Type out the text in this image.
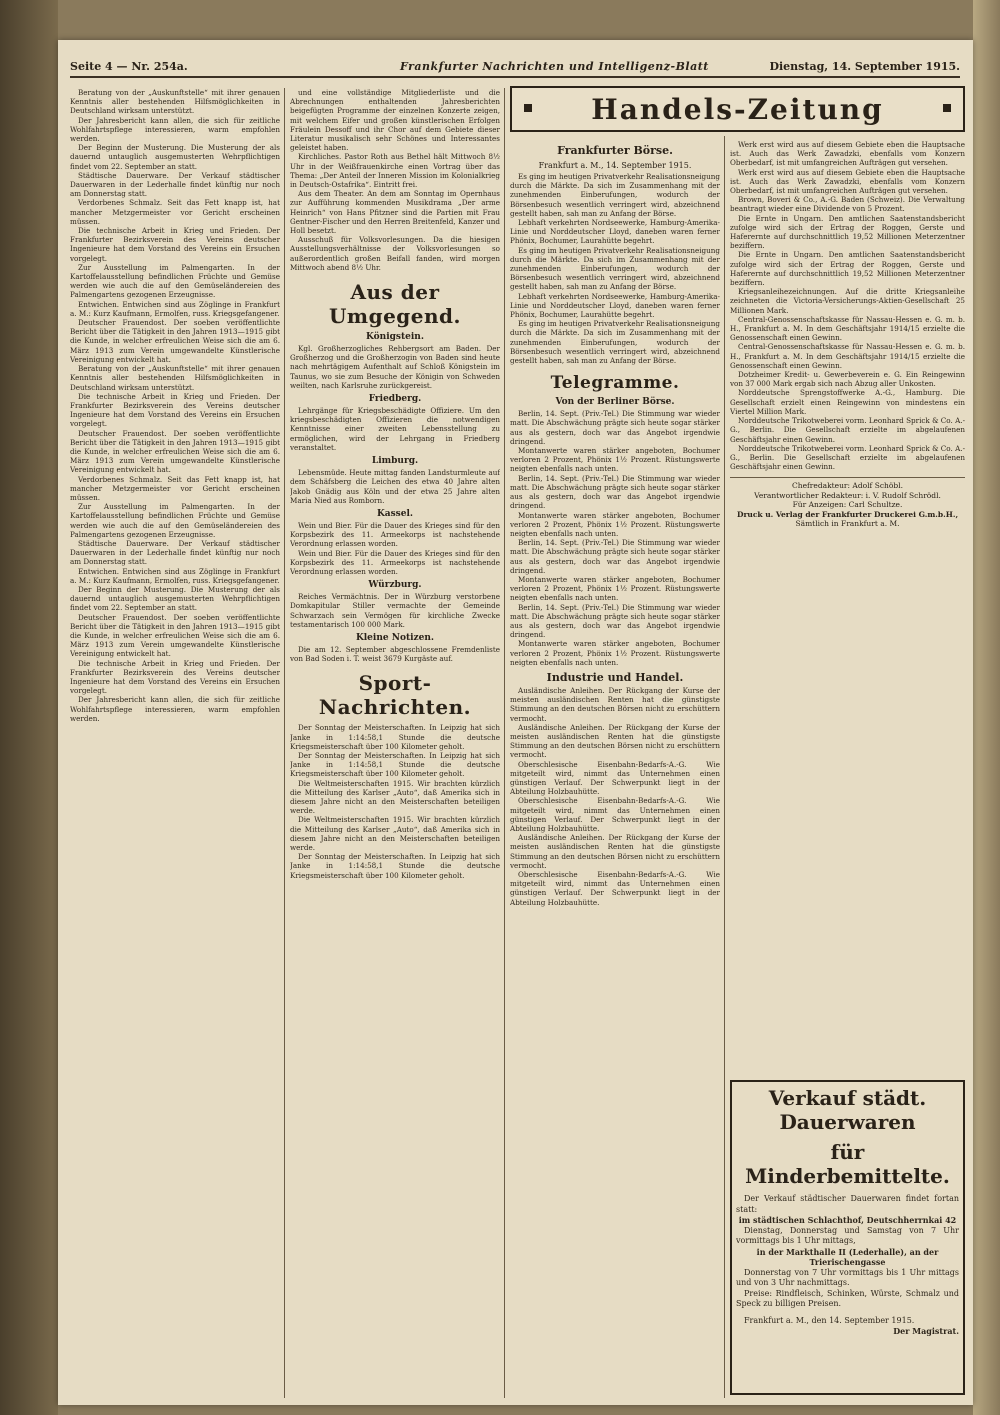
Seite 4 — Nr. 254a.	Frankfurter Nachrichten und Intelligenz-Blatt	Dienstag, 14. September 1915.

Beratung von der „Auskunftstelle“ mit ihrer genauen Kenntnis aller bestehenden Hilfsmöglichkeiten in Deutschland wirksam unterstützt.

Der Jahresbericht kann allen, die sich für zeitliche Wohlfahrtspflege interessieren, warm empfohlen werden.

Der Beginn der Musterung. Die Musterung der als dauernd untauglich ausgemusterten Wehrpflichtigen findet vom 22. September an statt.

Städtische Dauerware. Der Verkauf städtischer Dauerwaren in der Lederhalle findet künftig nur noch am Donnerstag statt.

Verdorbenes Schmalz. Seit das Fett knapp ist, hat mancher Metzgermeister vor Gericht erscheinen müssen.

Die technische Arbeit in Krieg und Frieden. Der Frankfurter Bezirksverein des Vereins deutscher Ingenieure hat dem Vorstand des Vereins ein Ersuchen vorgelegt.

Zur Ausstellung im Palmengarten. In der Kartoffelausstellung befindlichen Früchte und Gemüse werden wie auch die auf den Gemüseländereien des Palmengartens gezogenen Erzeugnisse.

Entwichen. Entwichen sind aus Zöglinge in Frankfurt a. M.: Kurz Kaufmann, Ermolfen, russ. Kriegsgefangener.

Deutscher Frauendost. Der soeben veröffentlichte Bericht über die Tätigkeit in den Jahren 1913—1915 gibt die Kunde, in welcher erfreulichen Weise sich die am 6. März 1913 zum Verein umgewandelte Künstlerische Vereinigung entwickelt hat.

Beratung von der „Auskunftstelle“ mit ihrer genauen Kenntnis aller bestehenden Hilfsmöglichkeiten in Deutschland wirksam unterstützt.

Die technische Arbeit in Krieg und Frieden. Der Frankfurter Bezirksverein des Vereins deutscher Ingenieure hat dem Vorstand des Vereins ein Ersuchen vorgelegt.

Deutscher Frauendost. Der soeben veröffentlichte Bericht über die Tätigkeit in den Jahren 1913—1915 gibt die Kunde, in welcher erfreulichen Weise sich die am 6. März 1913 zum Verein umgewandelte Künstlerische Vereinigung entwickelt hat.

Verdorbenes Schmalz. Seit das Fett knapp ist, hat mancher Metzgermeister vor Gericht erscheinen müssen.

Zur Ausstellung im Palmengarten. In der Kartoffelausstellung befindlichen Früchte und Gemüse werden wie auch die auf den Gemüseländereien des Palmengartens gezogenen Erzeugnisse.

Städtische Dauerware. Der Verkauf städtischer Dauerwaren in der Lederhalle findet künftig nur noch am Donnerstag statt.

Entwichen. Entwichen sind aus Zöglinge in Frankfurt a. M.: Kurz Kaufmann, Ermolfen, russ. Kriegsgefangener.

Der Beginn der Musterung. Die Musterung der als dauernd untauglich ausgemusterten Wehrpflichtigen findet vom 22. September an statt.

Deutscher Frauendost. Der soeben veröffentlichte Bericht über die Tätigkeit in den Jahren 1913—1915 gibt die Kunde, in welcher erfreulichen Weise sich die am 6. März 1913 zum Verein umgewandelte Künstlerische Vereinigung entwickelt hat.

Die technische Arbeit in Krieg und Frieden. Der Frankfurter Bezirksverein des Vereins deutscher Ingenieure hat dem Vorstand des Vereins ein Ersuchen vorgelegt.

Der Jahresbericht kann allen, die sich für zeitliche Wohlfahrtspflege interessieren, warm empfohlen werden.

und eine vollständige Mitgliederliste und die Abrechnungen enthaltenden Jahresberichten beigefügten Programme der einzelnen Konzerte zeigen, mit welchem Eifer und großen künstlerischen Erfolgen Fräulein Dessoff und ihr Chor auf dem Gebiete dieser Literatur musikalisch sehr Schönes und Interessantes geleistet haben.

Kirchliches. Pastor Roth aus Bethel hält Mittwoch 8½ Uhr in der Weißfrauenkirche einen Vortrag über das Thema: „Der Anteil der Inneren Mission im Kolonialkrieg in Deutsch-Ostafrika“. Eintritt frei.

Aus dem Theater. An dem am Sonntag im Opernhaus zur Aufführung kommenden Musikdrama „Der arme Heinrich“ von Hans Pfitzner sind die Partien mit Frau Gentner-Fischer und den Herren Breitenfeld, Kanzer und Holl besetzt.

Ausschuß für Volksvorlesungen. Da die hiesigen Ausstellungsverhältnisse der Volksvorlesungen so außerordentlich großen Beifall fanden, wird morgen Mittwoch abend 8½ Uhr.

Aus der Umgegend.
Königstein.

Kgl. Großherzogliches Rehbergsort am Baden. Der Großherzog und die Großherzogin von Baden sind heute nach mehrtägigem Aufenthalt auf Schloß Königstein im Taunus, wo sie zum Besuche der Königin von Schweden weilten, nach Karlsruhe zurückgereist.

Friedberg.

Lehrgänge für Kriegsbeschädigte Offiziere. Um den kriegsbeschädigten Offizieren die notwendigen Kenntnisse einer zweiten Lebensstellung zu ermöglichen, wird der Lehrgang in Friedberg veranstaltet.

Limburg.

Lebensmüde. Heute mittag fanden Landsturmleute auf dem Schäfsberg die Leichen des etwa 40 Jahre alten Jakob Gnädig aus Köln und der etwa 25 Jahre alten Maria Nied aus Romborn.

Kassel.

Wein und Bier. Für die Dauer des Krieges sind für den Korpsbezirk des 11. Armeekorps ist nachstehende Verordnung erlassen worden.

Wein und Bier. Für die Dauer des Krieges sind für den Korpsbezirk des 11. Armeekorps ist nachstehende Verordnung erlassen worden.

Würzburg.

Reiches Vermächtnis. Der in Würzburg verstorbene Domkapitular Stiller vermachte der Gemeinde Schwarzach sein Vermögen für kirchliche Zwecke testamentarisch 100 000 Mark.

Kleine Notizen.

Die am 12. September abgeschlossene Fremdenliste von Bad Soden i. T. weist 3679 Kurgäste auf.

Sport-Nachrichten.

Der Sonntag der Meisterschaften. In Leipzig hat sich Janke in 1:14:58,1 Stunde die deutsche Kriegsmeisterschaft über 100 Kilometer geholt.

Der Sonntag der Meisterschaften. In Leipzig hat sich Janke in 1:14:58,1 Stunde die deutsche Kriegsmeisterschaft über 100 Kilometer geholt.

Die Weltmeisterschaften 1915. Wir brachten kürzlich die Mitteilung des Karlser „Auto“, daß Amerika sich in diesem Jahre nicht an den Meisterschaften beteiligen werde.

Die Weltmeisterschaften 1915. Wir brachten kürzlich die Mitteilung des Karlser „Auto“, daß Amerika sich in diesem Jahre nicht an den Meisterschaften beteiligen werde.

Der Sonntag der Meisterschaften. In Leipzig hat sich Janke in 1:14:58,1 Stunde die deutsche Kriegsmeisterschaft über 100 Kilometer geholt.

Handels-Zeitung
Frankfurter Börse.
Frankfurt a. M., 14. September 1915.

Es ging im heutigen Privatverkehr Realisationsneigung durch die Märkte. Da sich im Zusammenhang mit der zunehmenden Einberufungen, wodurch der Börsenbesuch wesentlich verringert wird, abzeichnend gestellt haben, sah man zu Anfang der Börse.

Lebhaft verkehrten Nordseewerke, Hamburg-Amerika-Linie und Norddeutscher Lloyd, daneben waren ferner Phönix, Bochumer, Laurahütte begehrt.

Es ging im heutigen Privatverkehr Realisationsneigung durch die Märkte. Da sich im Zusammenhang mit der zunehmenden Einberufungen, wodurch der Börsenbesuch wesentlich verringert wird, abzeichnend gestellt haben, sah man zu Anfang der Börse.

Lebhaft verkehrten Nordseewerke, Hamburg-Amerika-Linie und Norddeutscher Lloyd, daneben waren ferner Phönix, Bochumer, Laurahütte begehrt.

Es ging im heutigen Privatverkehr Realisationsneigung durch die Märkte. Da sich im Zusammenhang mit der zunehmenden Einberufungen, wodurch der Börsenbesuch wesentlich verringert wird, abzeichnend gestellt haben, sah man zu Anfang der Börse.

Telegramme.
Von der Berliner Börse.

Berlin, 14. Sept. (Priv.-Tel.) Die Stimmung war wieder matt. Die Abschwächung prägte sich heute sogar stärker aus als gestern, doch war das Angebot irgendwie dringend.

Montanwerte waren stärker angeboten, Bochumer verloren 2 Prozent, Phönix 1½ Prozent. Rüstungswerte neigten ebenfalls nach unten.

Berlin, 14. Sept. (Priv.-Tel.) Die Stimmung war wieder matt. Die Abschwächung prägte sich heute sogar stärker aus als gestern, doch war das Angebot irgendwie dringend.

Montanwerte waren stärker angeboten, Bochumer verloren 2 Prozent, Phönix 1½ Prozent. Rüstungswerte neigten ebenfalls nach unten.

Berlin, 14. Sept. (Priv.-Tel.) Die Stimmung war wieder matt. Die Abschwächung prägte sich heute sogar stärker aus als gestern, doch war das Angebot irgendwie dringend.

Montanwerte waren stärker angeboten, Bochumer verloren 2 Prozent, Phönix 1½ Prozent. Rüstungswerte neigten ebenfalls nach unten.

Berlin, 14. Sept. (Priv.-Tel.) Die Stimmung war wieder matt. Die Abschwächung prägte sich heute sogar stärker aus als gestern, doch war das Angebot irgendwie dringend.

Montanwerte waren stärker angeboten, Bochumer verloren 2 Prozent, Phönix 1½ Prozent. Rüstungswerte neigten ebenfalls nach unten.

Industrie und Handel.

Ausländische Anleihen. Der Rückgang der Kurse der meisten ausländischen Renten hat die günstigste Stimmung an den deutschen Börsen nicht zu erschüttern vermocht.

Ausländische Anleihen. Der Rückgang der Kurse der meisten ausländischen Renten hat die günstigste Stimmung an den deutschen Börsen nicht zu erschüttern vermocht.

Oberschlesische Eisenbahn-Bedarfs-A.-G. Wie mitgeteilt wird, nimmt das Unternehmen einen günstigen Verlauf. Der Schwerpunkt liegt in der Abteilung Holzbauhütte.

Oberschlesische Eisenbahn-Bedarfs-A.-G. Wie mitgeteilt wird, nimmt das Unternehmen einen günstigen Verlauf. Der Schwerpunkt liegt in der Abteilung Holzbauhütte.

Ausländische Anleihen. Der Rückgang der Kurse der meisten ausländischen Renten hat die günstigste Stimmung an den deutschen Börsen nicht zu erschüttern vermocht.

Oberschlesische Eisenbahn-Bedarfs-A.-G. Wie mitgeteilt wird, nimmt das Unternehmen einen günstigen Verlauf. Der Schwerpunkt liegt in der Abteilung Holzbauhütte.

Werk erst wird aus auf diesem Gebiete eben die Hauptsache ist. Auch das Werk Zawadzki, ebenfalls vom Konzern Oberbedarf, ist mit umfangreichen Aufträgen gut versehen.

Werk erst wird aus auf diesem Gebiete eben die Hauptsache ist. Auch das Werk Zawadzki, ebenfalls vom Konzern Oberbedarf, ist mit umfangreichen Aufträgen gut versehen.

Brown, Boveri & Co., A.-G. Baden (Schweiz). Die Verwaltung beantragt wieder eine Dividende von 5 Prozent.

Die Ernte in Ungarn. Den amtlichen Saatenstandsbericht zufolge wird sich der Ertrag der Roggen, Gerste und Haferernte auf durchschnittlich 19,52 Millionen Meterzentner beziffern.

Die Ernte in Ungarn. Den amtlichen Saatenstandsbericht zufolge wird sich der Ertrag der Roggen, Gerste und Haferernte auf durchschnittlich 19,52 Millionen Meterzentner beziffern.

Kriegsanleihezeichnungen. Auf die dritte Kriegsanleihe zeichneten die Victoria-Versicherungs-Aktien-Gesellschaft 25 Millionen Mark.

Central-Genossenschaftskasse für Nassau-Hessen e. G. m. b. H., Frankfurt a. M. In dem Geschäftsjahr 1914/15 erzielte die Genossenschaft einen Gewinn.

Central-Genossenschaftskasse für Nassau-Hessen e. G. m. b. H., Frankfurt a. M. In dem Geschäftsjahr 1914/15 erzielte die Genossenschaft einen Gewinn.

Dotzheimer Kredit- u. Gewerbeverein e. G. Ein Reingewinn von 37 000 Mark ergab sich nach Abzug aller Unkosten.

Norddeutsche Sprengstoffwerke A.-G., Hamburg. Die Gesellschaft erzielt einen Reingewinn von mindestens ein Viertel Million Mark.

Norddeutsche Trikotweberei vorm. Leonhard Sprick & Co. A.-G., Berlin. Die Gesellschaft erzielte im abgelaufenen Geschäftsjahr einen Gewinn.

Norddeutsche Trikotweberei vorm. Leonhard Sprick & Co. A.-G., Berlin. Die Gesellschaft erzielte im abgelaufenen Geschäftsjahr einen Gewinn.

Chefredakteur: Adolf Schöbl.
Verantwortlicher Redakteur: i. V. Rudolf Schrödl.
Für Anzeigen: Carl Schultze.
Druck u. Verlag der Frankfurter Druckerei G.m.b.H.,
Sämtlich in Frankfurt a. M.
Verkauf städt. Dauerwaren
für Minderbemittelte.

Der Verkauf städtischer Dauerwaren findet fortan statt:

im städtischen Schlachthof, Deutschherrnkai 42

Dienstag, Donnerstag und Samstag von 7 Uhr vormittags bis 1 Uhr mittags,

in der Markthalle II (Lederhalle), an der Trierischengasse

Donnerstag von 7 Uhr vormittags bis 1 Uhr mittags und von 3 Uhr nachmittags.

Preise: Rindfleisch, Schinken, Würste, Schmalz und Speck zu billigen Preisen.

Frankfurt a. M., den 14. September 1915.

Der Magistrat.
